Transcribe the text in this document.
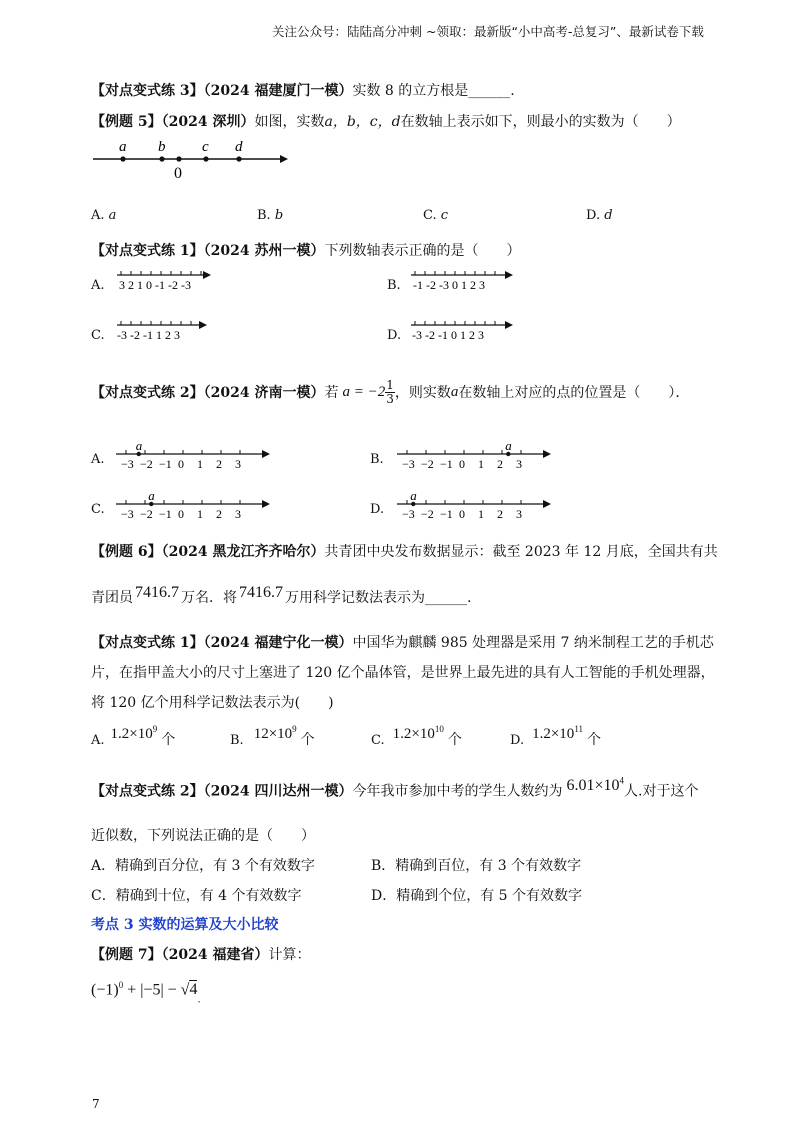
关注公众号：陆陆高分冲刺 ~领取：最新版“小中高考-总复习”、最新试卷下载
【对点变式练 3】（2024 福建厦门一模）实数 8 的立方根是______.
【例题 5】（2024 深圳）如图，实数a，b，c，d在数轴上表示如下，则最小的实数为（　　）
a b c d
0
A. a	B. b	C. c	D. d
【对点变式练 1】（2024 苏州一模）下列数轴表示正确的是（　　）
A. 3 2 1 0 -1 -2 -3	B. -1 -2 -3 0 1 2 3
C. -3 -2 -1 1 2 3	D. -3 -2 -1 0 1 2 3
【对点变式练 2】（2024 济南一模） 若 $a = -2 \frac{1}{3}$ ，则实数 a 在数轴上对应的点的位置是（　　）．
A. −3 −2 −1 0 1 2 3
a
B. −3 −2 −1 0 1 2 3
a
C. −3 −2 −1 0 1 2 3
a
D. −3 −2 −1 0 1 2 3
a
【例题 6】（2024 黑龙江齐齐哈尔）共青团中央发布数据显示：截至 2023 年 12 月底，全国共有共
青团员 7416.7 万名．将 7416.7 万用科学记数法表示为______.
【对点变式练 1】（2024 福建宁化一模）中国华为麒麟 985 处理器是采用 7 纳米制程工艺的手机芯
片，在指甲盖大小的尺寸上塞进了 120 亿个晶体管，是世界上最先进的具有人工智能的手机处理器，
将 120 亿个用科学记数法表示为(　　)
A. $1.2\times 10^9$个	B. $12\times 10^9$个	C. $1.2\times 10^{10}$个	D. $1.2\times 10^{11}$个
【对点变式练 2】（2024 四川达州一模）今年我市参加中考的学生人数约为 $6.01\times 10^4$人.对于这个
近似数，下列说法正确的是（　　）
A．精确到百分位，有 3 个有效数字	B．精确到百位，有 3 个有效数字
C．精确到十位，有 4 个有效数字	D．精确到个位，有 5 个有效数字
考点 3 实数的运算及大小比较
【例题 7】（2024 福建省）计算：
$(-1)^0 + |-5| - √4_.$
7
